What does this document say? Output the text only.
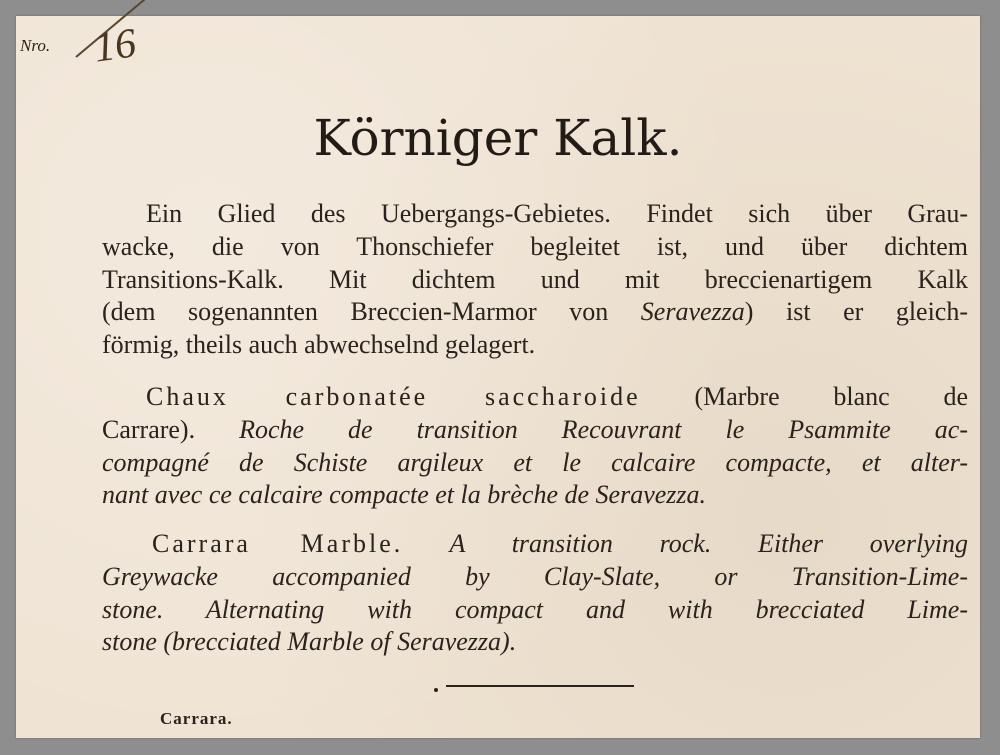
Nro. 16
Körniger Kalk.
Ein Glied des Uebergangs-Gebietes. Findet sich über Grau-
wacke, die von Thonschiefer begleitet ist, und über dichtem
Transitions-Kalk. Mit dichtem und mit breccienartigem Kalk
(dem sogenannten Breccien-Marmor von Seravezza) ist er gleich-
förmig, theils auch abwechselnd gelagert.
Chaux carbonatée saccharoide (Marbre blanc de
Carrare). Roche de transition Recouvrant le Psammite ac-
compagné de Schiste argileux et le calcaire compacte, et alter-
nant avec ce calcaire compacte et la brèche de Seravezza.
Carrara Marble. A transition rock. Either overlying
Greywacke accompanied by Clay-Slate, or Transition-Lime-
stone. Alternating with compact and with brecciated Lime-
stone (brecciated Marble of Seravezza).
Carrara.
